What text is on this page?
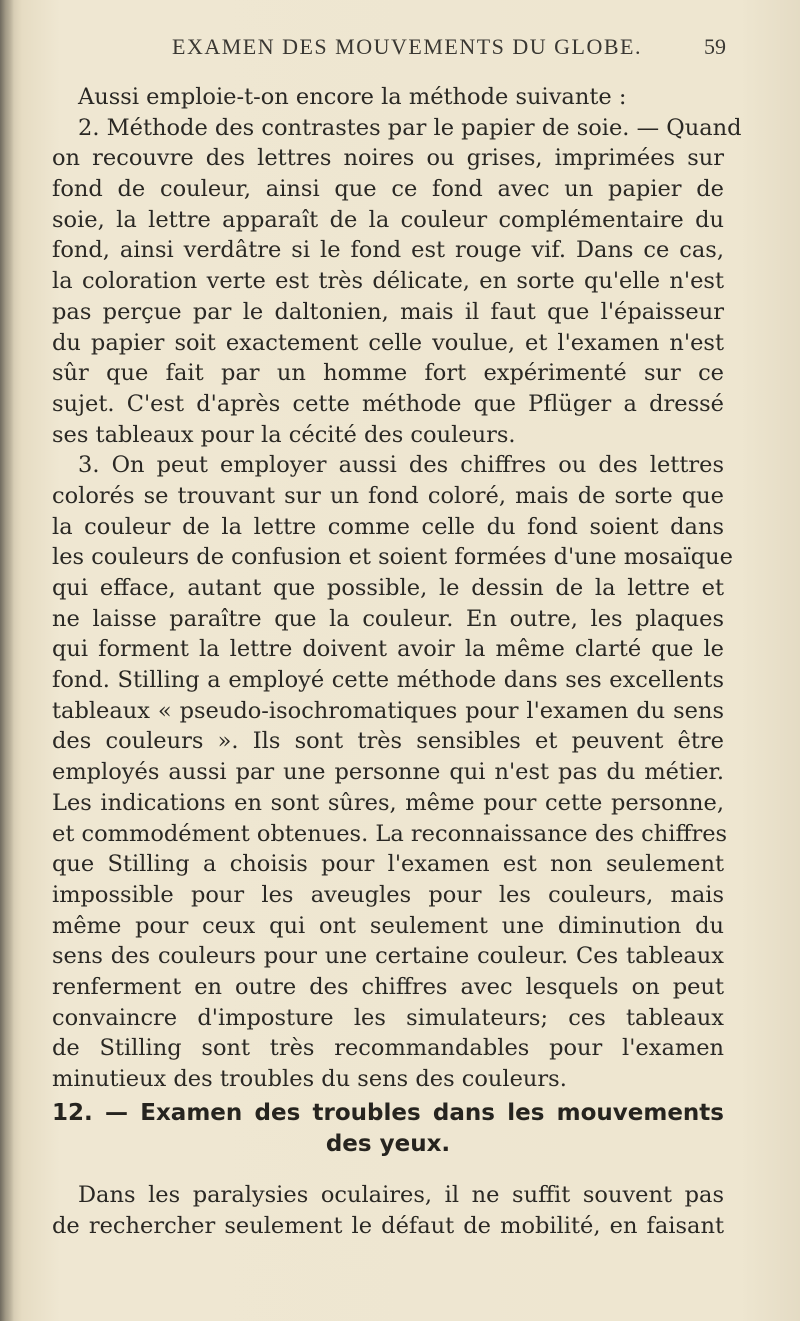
EXAMEN DES MOUVEMENTS DU GLOBE.	59
Aussi emploie-t-on encore la méthode suivante :
2. Méthode des contrastes par le papier de soie. — Quand
on recouvre des lettres noires ou grises, imprimées sur
fond de couleur, ainsi que ce fond avec un papier de
soie, la lettre apparaît de la couleur complémentaire du
fond, ainsi verdâtre si le fond est rouge vif. Dans ce cas,
la coloration verte est très délicate, en sorte qu'elle n'est
pas perçue par le daltonien, mais il faut que l'épaisseur
du papier soit exactement celle voulue, et l'examen n'est
sûr que fait par un homme fort expérimenté sur ce
sujet. C'est d'après cette méthode que Pflüger a dressé
ses tableaux pour la cécité des couleurs.
3. On peut employer aussi des chiffres ou des lettres
colorés se trouvant sur un fond coloré, mais de sorte que
la couleur de la lettre comme celle du fond soient dans
les couleurs de confusion et soient formées d'une mosaïque
qui efface, autant que possible, le dessin de la lettre et
ne laisse paraître que la couleur. En outre, les plaques
qui forment la lettre doivent avoir la même clarté que le
fond. Stilling a employé cette méthode dans ses excellents
tableaux « pseudo-isochromatiques pour l'examen du sens
des couleurs ». Ils sont très sensibles et peuvent être
employés aussi par une personne qui n'est pas du métier.
Les indications en sont sûres, même pour cette personne,
et commodément obtenues. La reconnaissance des chiffres
que Stilling a choisis pour l'examen est non seulement
impossible pour les aveugles pour les couleurs, mais
même pour ceux qui ont seulement une diminution du
sens des couleurs pour une certaine couleur. Ces tableaux
renferment en outre des chiffres avec lesquels on peut
convaincre d'imposture les simulateurs; ces tableaux
de Stilling sont très recommandables pour l'examen
minutieux des troubles du sens des couleurs.
12. — Examen des troubles dans les mouvements
des yeux.
Dans les paralysies oculaires, il ne suffit souvent pas
de rechercher seulement le défaut de mobilité, en faisant
